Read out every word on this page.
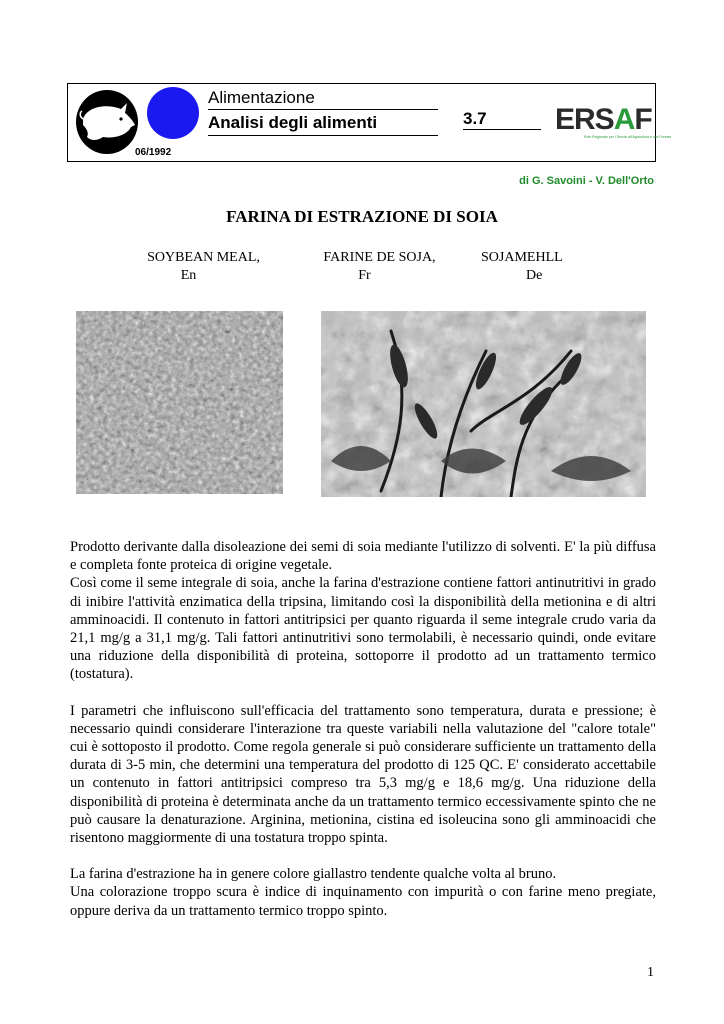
06/1992
Alimentazione
Analisi degli alimenti	3.7	ERSAF
Ente Regionale per i Servizi all'Agricoltura e alle Foreste
di G. Savoini - V. Dell'Orto
FARINA DI ESTRAZIONE DI SOIA
SOYBEAN MEAL,
En
FARINE DE SOJA,
Fr
SOJAMEHLL
De

Prodotto derivante dalla disoleazione dei semi di soia mediante l'utilizzo di solventi. E' la più diffusa e completa fonte proteica di origine vegetale.

Così come il seme integrale di soia, anche la farina d'estrazione contiene fattori antinutritivi in grado di inibire l'attività enzimatica della tripsina, limitando così la disponibilità della metionina e di altri amminoacidi. Il contenuto in fattori antitripsici per quanto riguarda il seme integrale crudo varia da 21,1 mg/g a 31,1 mg/g. Tali fattori antinutritivi sono termolabili, è necessario quindi, onde evitare una riduzione della disponibilità di proteina, sottoporre il prodotto ad un trattamento termico (tostatura).

I parametri che influiscono sull'efficacia del trattamento sono temperatura, durata e pressione; è necessario quindi considerare l'interazione tra queste variabili nella valutazione del "calore totale" cui è sottoposto il prodotto. Come regola generale si può considerare sufficiente un trattamento della durata di 3-5 min, che determini una temperatura del prodotto di 125 QC. E' considerato accettabile un contenuto in fattori antitripsici compreso tra 5,3 mg/g e 18,6 mg/g. Una riduzione della disponibilità di proteina è determinata anche da un trattamento termico eccessivamente spinto che ne può causare la denaturazione. Arginina, metionina, cistina ed isoleucina sono gli amminoacidi che risentono maggiormente di una tostatura troppo spinta.

La farina d'estrazione ha in genere colore giallastro tendente qualche volta al bruno.

Una colorazione troppo scura è indice di inquinamento con impurità o con farine meno pregiate, oppure deriva da un trattamento termico troppo spinto.

1
